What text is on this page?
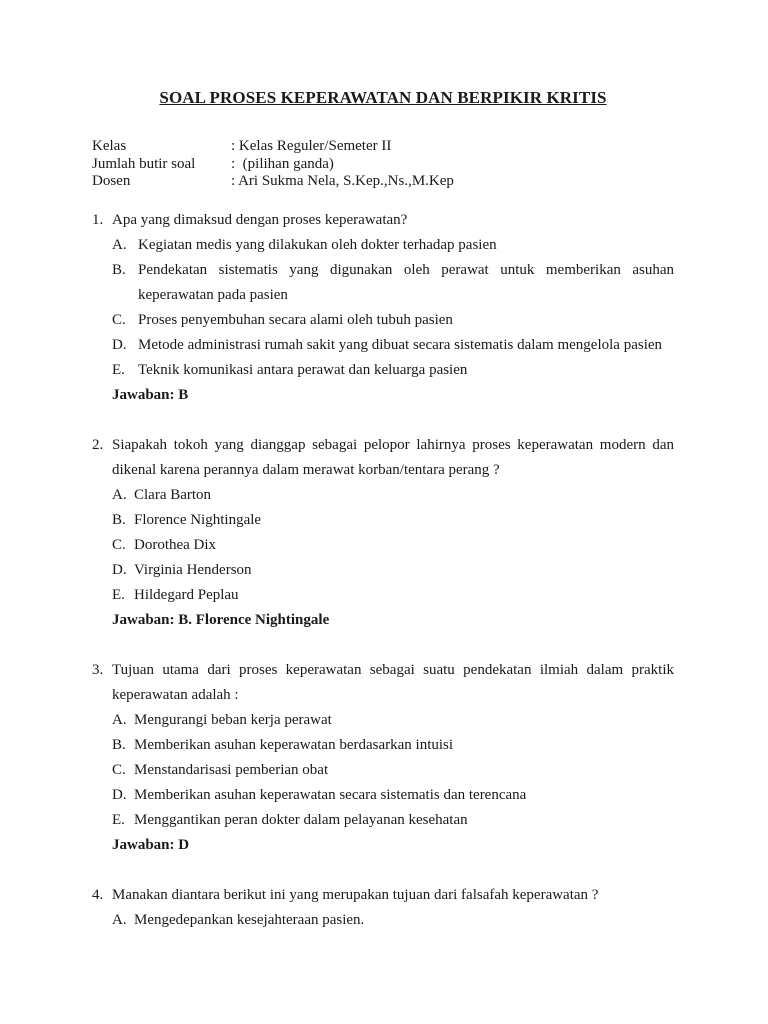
SOAL PROSES KEPERAWATAN DAN BERPIKIR KRITIS
Kelas	: Kelas Reguler/Semeter II
Jumlah butir soal	:  (pilihan ganda)
Dosen	: Ari Sukma Nela, S.Kep.,Ns.,M.Kep
1. Apa yang dimaksud dengan proses keperawatan?
A. Kegiatan medis yang dilakukan oleh dokter terhadap pasien
B. Pendekatan sistematis yang digunakan oleh perawat untuk memberikan asuhan keperawatan pada pasien
C. Proses penyembuhan secara alami oleh tubuh pasien
D. Metode administrasi rumah sakit yang dibuat secara sistematis dalam mengelola pasien
E. Teknik komunikasi antara perawat dan keluarga pasien
Jawaban: B
2. Siapakah tokoh yang dianggap sebagai pelopor lahirnya proses keperawatan modern dan dikenal karena perannya dalam merawat korban/tentara perang ?
A. Clara Barton
B. Florence Nightingale
C. Dorothea Dix
D. Virginia Henderson
E. Hildegard Peplau
Jawaban: B. Florence Nightingale
3. Tujuan utama dari proses keperawatan sebagai suatu pendekatan ilmiah dalam praktik keperawatan adalah :
A. Mengurangi beban kerja perawat
B. Memberikan asuhan keperawatan berdasarkan intuisi
C. Menstandarisasi pemberian obat
D. Memberikan asuhan keperawatan secara sistematis dan terencana
E. Menggantikan peran dokter dalam pelayanan kesehatan
Jawaban: D
4. Manakan diantara berikut ini yang merupakan tujuan dari falsafah keperawatan ?
A. Mengedepankan kesejahteraan pasien.
